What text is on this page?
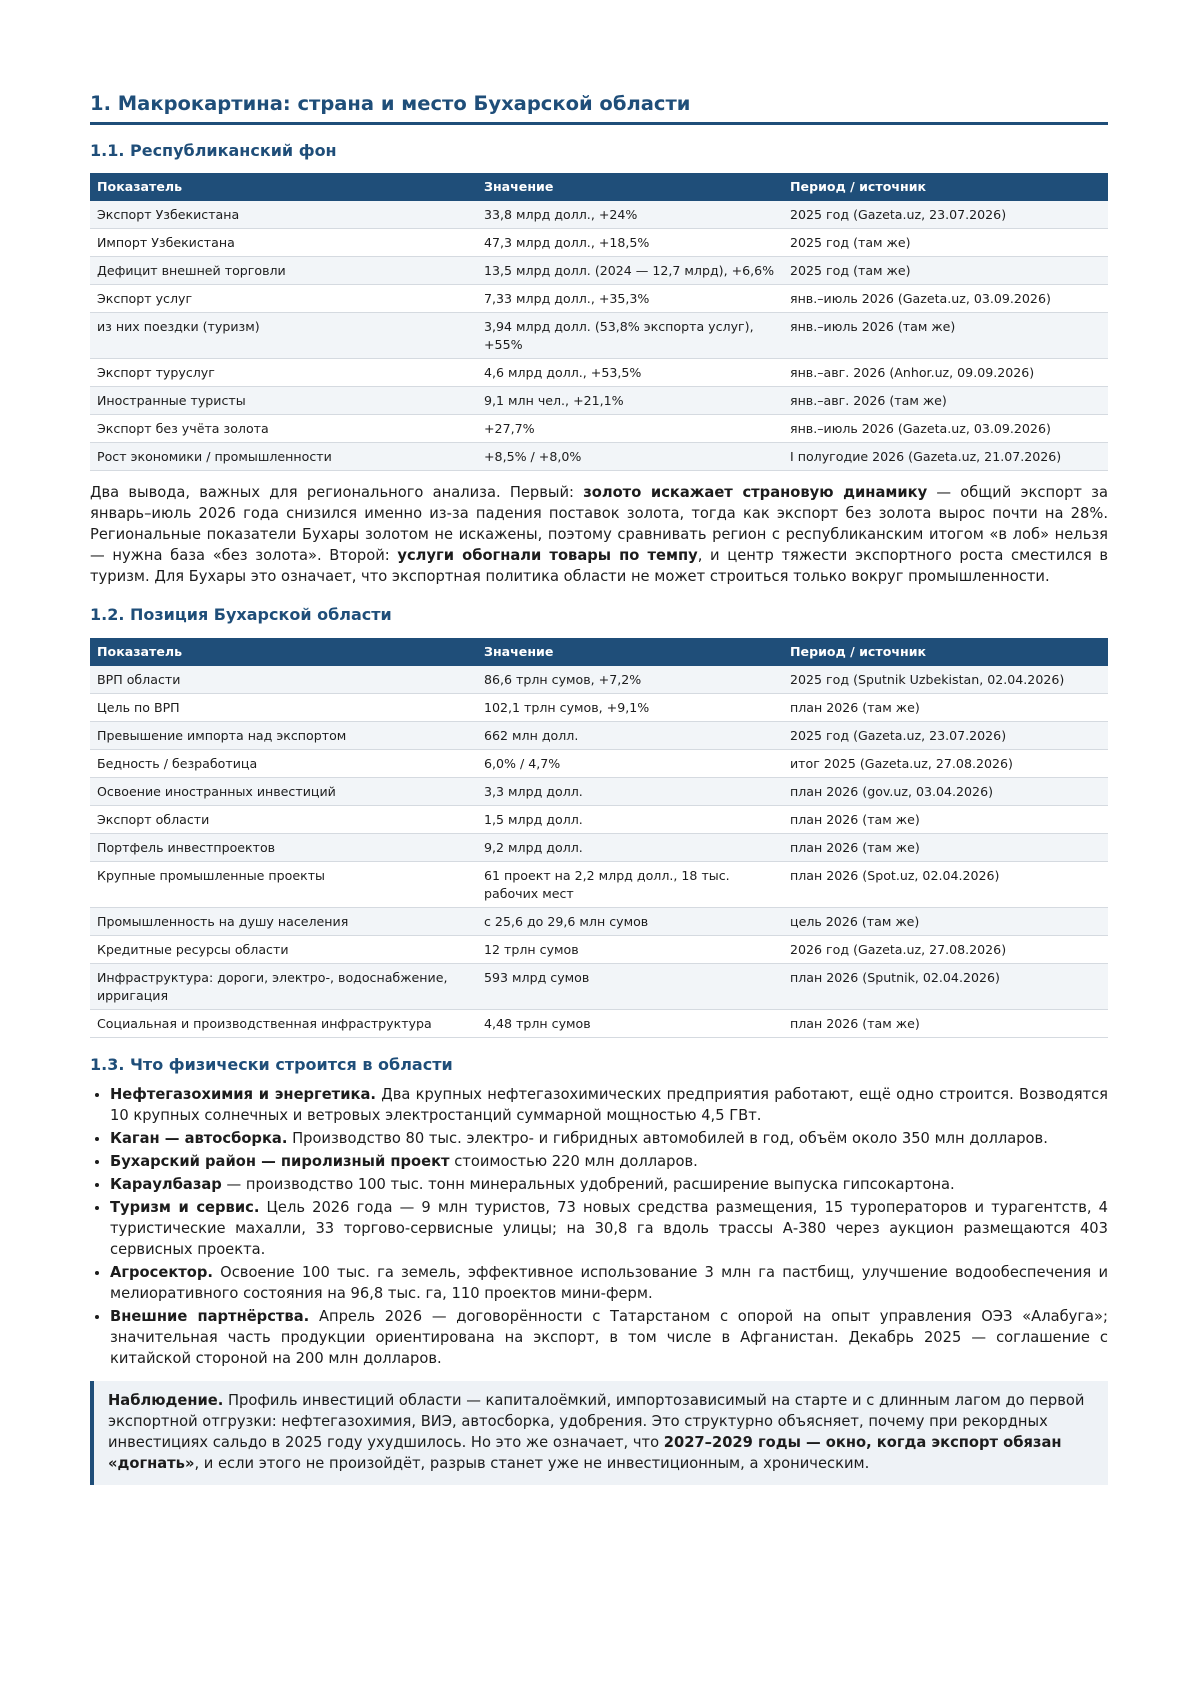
1. Макрокартина: страна и место Бухарской области
1.1. Республиканский фон
Показатель	Значение	Период / источник
Экспорт Узбекистана	33,8 млрд долл., +24%	2025 год (Gazeta.uz, 23.07.2026)
Импорт Узбекистана	47,3 млрд долл., +18,5%	2025 год (там же)
Дефицит внешней торговли	13,5 млрд долл. (2024 — 12,7 млрд), +6,6%	2025 год (там же)
Экспорт услуг	7,33 млрд долл., +35,3%	янв.–июль 2026 (Gazeta.uz, 03.09.2026)
из них поездки (туризм)	3,94 млрд долл. (53,8% экспорта услуг), +55%	янв.–июль 2026 (там же)
Экспорт туруслуг	4,6 млрд долл., +53,5%	янв.–авг. 2026 (Anhor.uz, 09.09.2026)
Иностранные туристы	9,1 млн чел., +21,1%	янв.–авг. 2026 (там же)
Экспорт без учёта золота	+27,7%	янв.–июль 2026 (Gazeta.uz, 03.09.2026)
Рост экономики / промышленности	+8,5% / +8,0%	I полугодие 2026 (Gazeta.uz, 21.07.2026)

Два вывода, важных для регионального анализа. Первый: золото искажает страновую динамику — общий экспорт за январь–июль 2026 года снизился именно из-за падения поставок золота, тогда как экспорт без золота вырос почти на 28%. Региональные показатели Бухары золотом не искажены, поэтому сравнивать регион с республиканским итогом «в лоб» нельзя — нужна база «без золота». Второй: услуги обогнали товары по темпу, и центр тяжести экспортного роста сместился в туризм. Для Бухары это означает, что экспортная политика области не может строиться только вокруг промышленности.

1.2. Позиция Бухарской области
Показатель	Значение	Период / источник
ВРП области	86,6 трлн сумов, +7,2%	2025 год (Sputnik Uzbekistan, 02.04.2026)
Цель по ВРП	102,1 трлн сумов, +9,1%	план 2026 (там же)
Превышение импорта над экспортом	662 млн долл.	2025 год (Gazeta.uz, 23.07.2026)
Бедность / безработица	6,0% / 4,7%	итог 2025 (Gazeta.uz, 27.08.2026)
Освоение иностранных инвестиций	3,3 млрд долл.	план 2026 (gov.uz, 03.04.2026)
Экспорт области	1,5 млрд долл.	план 2026 (там же)
Портфель инвестпроектов	9,2 млрд долл.	план 2026 (там же)
Крупные промышленные проекты	61 проект на 2,2 млрд долл., 18 тыс. рабочих мест	план 2026 (Spot.uz, 02.04.2026)
Промышленность на душу населения	с 25,6 до 29,6 млн сумов	цель 2026 (там же)
Кредитные ресурсы области	12 трлн сумов	2026 год (Gazeta.uz, 27.08.2026)
Инфраструктура: дороги, электро-, водоснабжение, ирригация	593 млрд сумов	план 2026 (Sputnik, 02.04.2026)
Социальная и производственная инфраструктура	4,48 трлн сумов	план 2026 (там же)
1.3. Что физически строится в области
• Нефтегазохимия и энергетика. Два крупных нефтегазохимических предприятия работают, ещё одно строится. Возводятся 10 крупных солнечных и ветровых электростанций суммарной мощностью 4,5 ГВт.
• Каган — автосборка. Производство 80 тыс. электро- и гибридных автомобилей в год, объём около 350 млн долларов.
• Бухарский район — пиролизный проект стоимостью 220 млн долларов.
• Караулбазар — производство 100 тыс. тонн минеральных удобрений, расширение выпуска гипсокартона.
• Туризм и сервис. Цель 2026 года — 9 млн туристов, 73 новых средства размещения, 15 туроператоров и турагентств, 4 туристические махалли, 33 торгово-сервисные улицы; на 30,8 га вдоль трассы А-380 через аукцион размещаются 403 сервисных проекта.
• Агросектор. Освоение 100 тыс. га земель, эффективное использование 3 млн га пастбищ, улучшение водообеспечения и мелиоративного состояния на 96,8 тыс. га, 110 проектов мини-ферм.
• Внешние партнёрства. Апрель 2026 — договорённости с Татарстаном с опорой на опыт управления ОЭЗ «Алабуга»; значительная часть продукции ориентирована на экспорт, в том числе в Афганистан. Декабрь 2025 — соглашение с китайской стороной на 200 млн долларов.
Наблюдение. Профиль инвестиций области — капиталоёмкий, импортозависимый на старте и с длинным лагом до первой экспортной отгрузки: нефтегазохимия, ВИЭ, автосборка, удобрения. Это структурно объясняет, почему при рекордных инвестициях сальдо в 2025 году ухудшилось. Но это же означает, что 2027–2029 годы — окно, когда экспорт обязан «догнать», и если этого не произойдёт, разрыв станет уже не инвестиционным, а хроническим.
